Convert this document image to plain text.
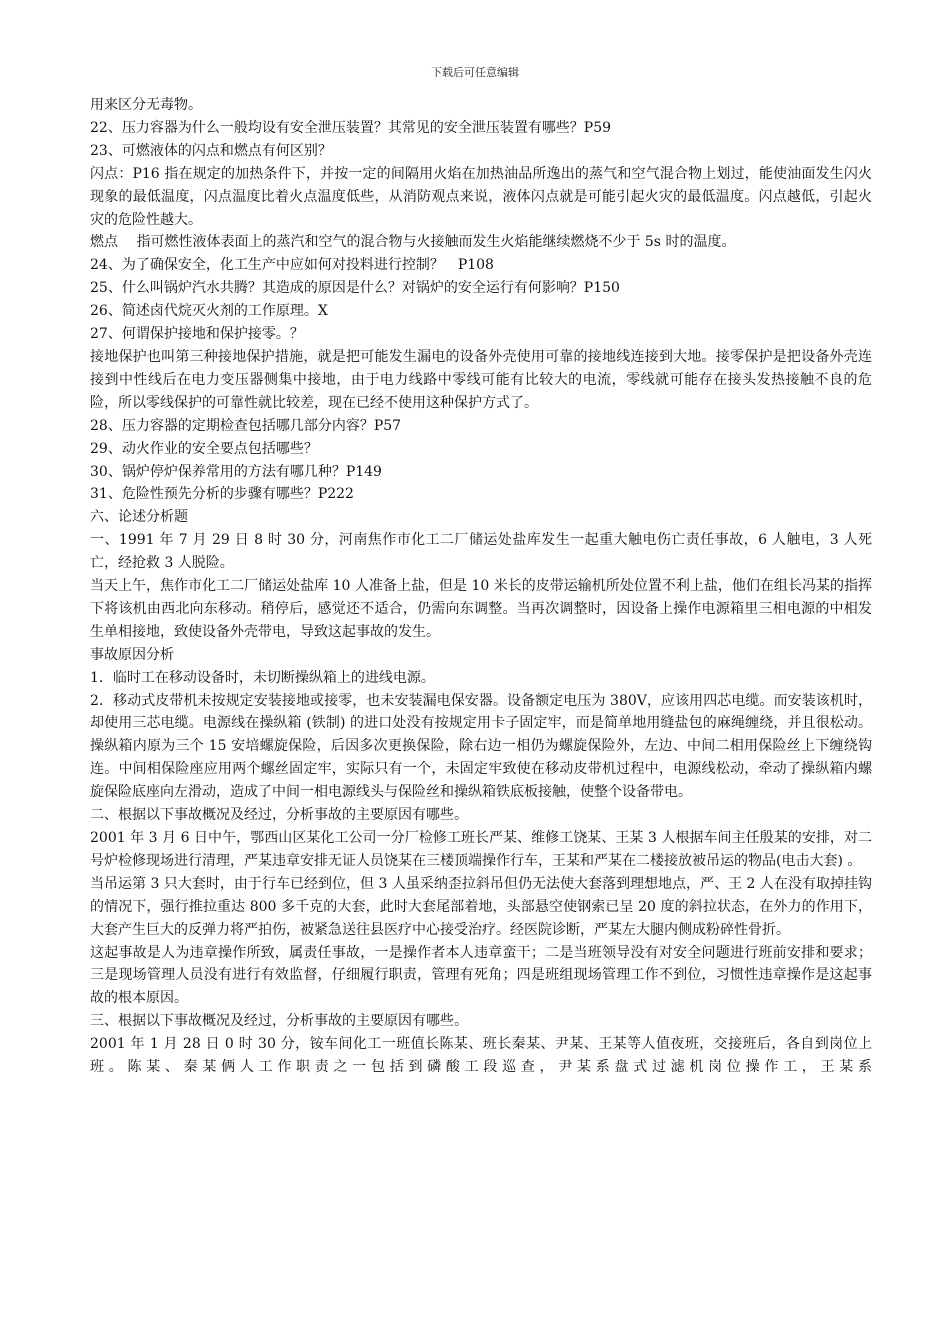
下载后可任意编辑

用来区分无毒物。

22、压力容器为什么一般均设有安全泄压装置？其常见的安全泄压装置有哪些？P59

23、可燃液体的闪点和燃点有何区别？

闪点：P16 指在规定的加热条件下，并按一定的间隔用火焰在加热油品所逸出的蒸气和空气混合物上划过，能使油面发生闪火现象的最低温度，闪点温度比着火点温度低些，从消防观点来说，液体闪点就是可能引起火灾的最低温度。闪点越低，引起火灾的危险性越大。

燃点　 指可燃性液体表面上的蒸汽和空气的混合物与火接触而发生火焰能继续燃烧不少于 5s 时的温度。

24、为了确保安全，化工生产中应如何对投料进行控制？　P108

25、什么叫锅炉汽水共腾？其造成的原因是什么？对锅炉的安全运行有何影响？P150

26、简述卤代烷灭火剂的工作原理。X

27、何谓保护接地和保护接零。？

接地保护也叫第三种接地保护措施，就是把可能发生漏电的设备外壳使用可靠的接地线连接到大地。接零保护是把设备外壳连接到中性线后在电力变压器侧集中接地，由于电力线路中零线可能有比较大的电流，零线就可能存在接头发热接触不良的危险，所以零线保护的可靠性就比较差，现在已经不使用这种保护方式了。

28、压力容器的定期检查包括哪几部分内容？P57

29、动火作业的安全要点包括哪些？

30、锅炉停炉保养常用的方法有哪几种？P149

31、危险性预先分析的步骤有哪些？P222

六、论述分析题

一、1991 年 7 月 29 日 8 时 30 分，河南焦作市化工二厂储运处盐库发生一起重大触电伤亡责任事故，6 人触电，3 人死亡，经抢救 3 人脱险。

当天上午，焦作市化工二厂储运处盐库 10 人准备上盐，但是 10 米长的皮带运输机所处位置不利上盐，他们在组长冯某的指挥下将该机由西北向东移动。稍停后，感觉还不适合，仍需向东调整。当再次调整时，因设备上操作电源箱里三相电源的中相发生单相接地，致使设备外壳带电，导致这起事故的发生。

事故原因分析

1．临时工在移动设备时，未切断操纵箱上的进线电源。

2．移动式皮带机未按规定安装接地或接零，也未安装漏电保安器。设备额定电压为 380V，应该用四芯电缆。而安装该机时，却使用三芯电缆。电源线在操纵箱 (铁制) 的进口处没有按规定用卡子固定牢，而是简单地用缝盐包的麻绳缠绕，并且很松动。操纵箱内原为三个 15 安培螺旋保险，后因多次更换保险，除右边一相仍为螺旋保险外，左边、中间二相用保险丝上下缠绕钩连。中间相保险座应用两个螺丝固定牢，实际只有一个，未固定牢致使在移动皮带机过程中，电源线松动，牵动了操纵箱内螺旋保险底座向左滑动，造成了中间一相电源线头与保险丝和操纵箱铁底板接触，使整个设备带电。

二、根据以下事故概况及经过，分析事故的主要原因有哪些。

2001 年 3 月 6 日中午，鄂西山区某化工公司一分厂检修工班长严某、维修工饶某、王某 3 人根据车间主任殷某的安排，对二号炉检修现场进行清理，严某违章安排无证人员饶某在三楼顶端操作行车，王某和严某在二楼接放被吊运的物品(电击大套) 。

当吊运第 3 只大套时，由于行车已经到位，但 3 人虽采纳歪拉斜吊但仍无法使大套落到理想地点，严、王 2 人在没有取掉挂钩的情况下，强行推拉重达 800 多千克的大套，此时大套尾部着地，头部悬空使钢索已呈 20 度的斜拉状态，在外力的作用下，大套产生巨大的反弹力将严拍伤，被紧急送往县医疗中心接受治疗。经医院诊断，严某左大腿内侧成粉碎性骨折。

这起事故是人为违章操作所致，属责任事故，一是操作者本人违章蛮干；二是当班领导没有对安全问题进行班前安排和要求；三是现场管理人员没有进行有效监督，仔细履行职责，管理有死角；四是班组现场管理工作不到位，习惯性违章操作是这起事故的根本原因。

三、根据以下事故概况及经过，分析事故的主要原因有哪些。

2001 年 1 月 28 日 0 时 30 分，铵车间化工一班值长陈某、班长秦某、尹某、王某等人值夜班，交接班后，各自到岗位上班。陈某、秦某俩人工作职责之一包括到磷酸工段巡查，尹某系盘式过滤机岗位操作工，王某系
